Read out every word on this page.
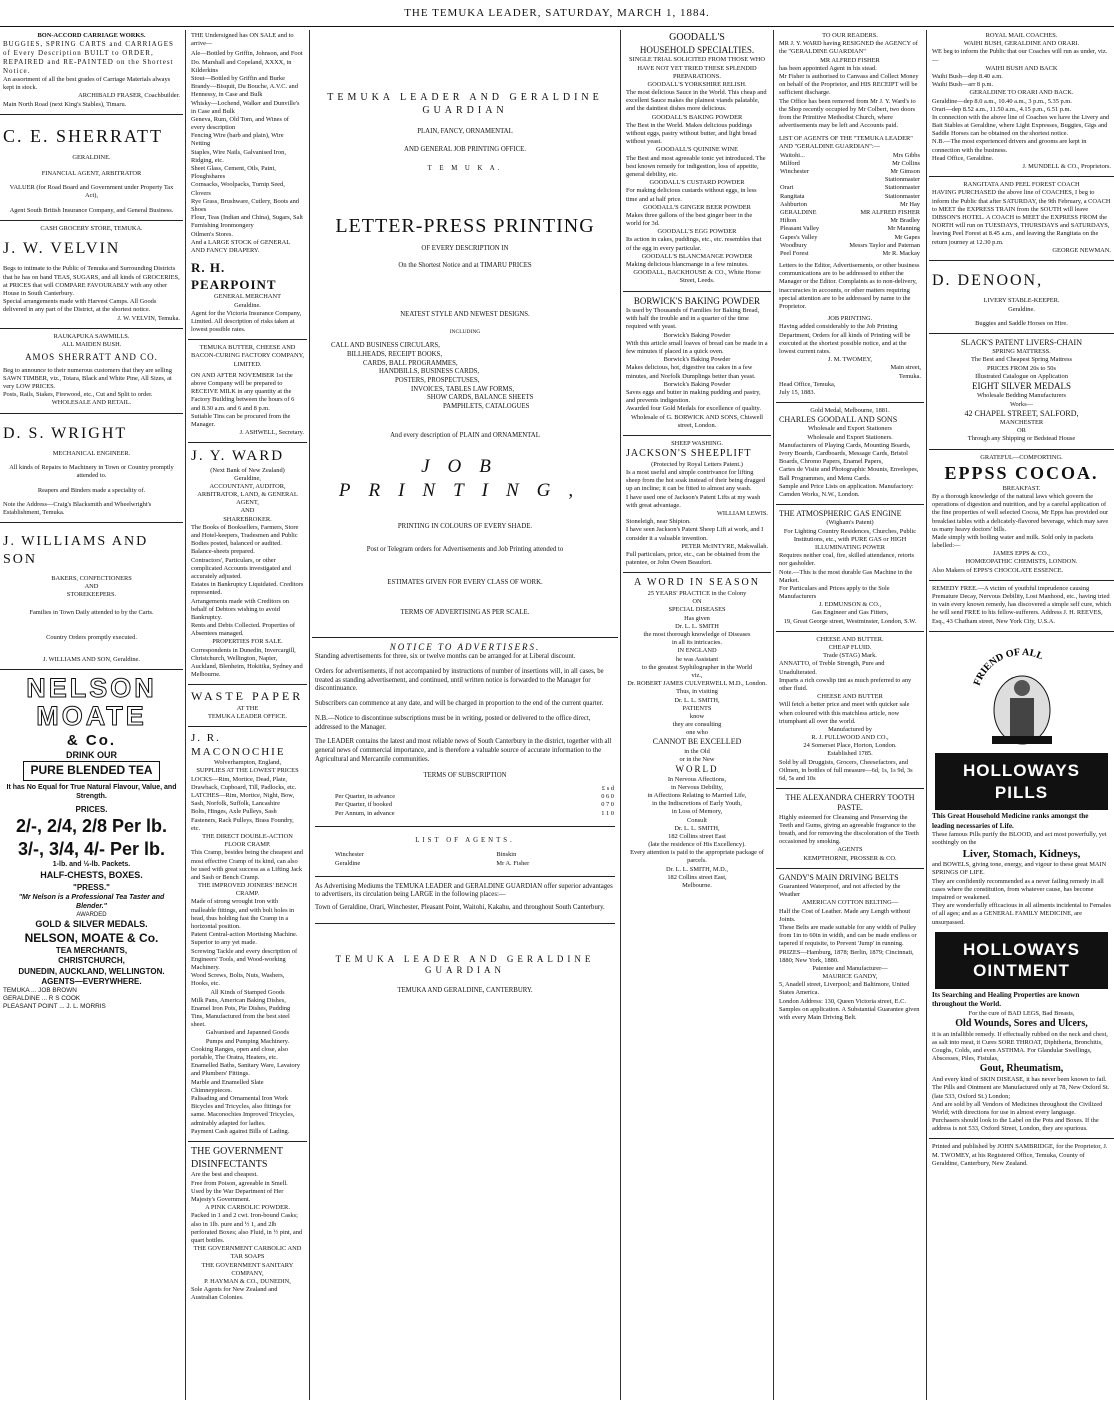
THE TEMUKA LEADER, SATURDAY, MARCH 1, 1884.
BON-ACCORD CARRIAGE WORKS.
BUGGIES, SPRING CARTS and CARRIAGES of Every Description BUILT to ORDER, REPAIRED and RE-PAINTED on the Shortest Notice.
An assortment of all the best grades of Carriage Materials always kept in stock.
ARCHIBALD FRASER, Coachbuilder.
Main North Road (next King's Stables), Timaru.
C. E. SHERRATT
GERALDINE.
FINANCIAL AGENT, ARBITRATOR
VALUER (for Road Board and Government under Property Tax Act),
Agent South British Insurance Company, and General Business.
CASH GROCERY STORE, TEMUKA.
J. W. VELVIN
Begs to intimate to the Public of Temuka and Surrounding Districts that he has on hand TEAS, SUGARS, and all kinds of GROCERIES, at PRICES that will COMPARE FAVOURABLY with any other House in South Canterbury.
Special arrangements made with Harvest Camps. All Goods delivered in any part of the District, at the shortest notice.
J. W. VELVIN, Temuka.
RAUKAPUKA SAWMILLS.
ALL MAIDEN BUSH.
AMOS SHERRATT AND CO.
Beg to announce to their numerous customers that they are selling SAWN TIMBER, viz., Totara, Black and White Pine, All Sizes, at very LOW PRICES.
Posts, Rails, Stakes, Firewood, etc., Cut and Split to order.
WHOLESALE AND RETAIL.
D. S. WRIGHT
MECHANICAL ENGINEER.
All kinds of Repairs to Machinery in Town or Country promptly attended to.
Reapers and Binders made a speciality of.
Note the Address—Craig's Blacksmith and Wheelwright's Establishment, Temuka.
J. WILLIAMS AND SON
BAKERS, CONFECTIONERS
AND
STOREKEEPERS.
Families in Town Daily attended to by the Carts.
Country Orders promptly executed.
J. WILLIAMS AND SON, Geraldine.
NELSON
MOATE
& Co.
DRINK OUR
PURE BLENDED TEA
It has No Equal for True Natural Flavour, Value, and Strength.
PRICES.
2/-, 2/4, 2/8 Per lb.
3/-, 3/4, 4/- Per lb.
1-lb. and ½-lb. Packets.
HALF-CHESTS, BOXES.
"PRESS."
"Mr Nelson is a Professional Tea Taster and Blender."
AWARDED
GOLD & SILVER MEDALS.
NELSON, MOATE & Co.
TEA MERCHANTS,
CHRISTCHURCH,
DUNEDIN, AUCKLAND, WELLINGTON.
AGENTS—EVERYWHERE.
TEMUKA ... JOB BROWN
GERALDINE ... R S COOK
PLEASANT POINT ... J. L. MORRIS
THE Undersigned has ON SALE and to arrive—
Ale—Bottled by Griffin, Johnson, and Foot
Do. Marshall and Copeland, XXXX, in Kilderkins
Stout—Bottled by Griffin and Burke
Brandy—Bisquit, Du Bouche, A.V.C. and Hennessy, in Case and Bulk
Whisky—Lochend, Walker and Dunville's in Case and Bulk
Geneva, Rum, Old Tom, and Wines of every description
Fencing Wire (barb and plain), Wire Netting
Staples, Wire Nails, Galvanised Iron, Ridging, etc.
Sheet Glass, Cement, Oils, Paint, Ploughshares
Cornsacks, Woolpacks, Turnip Seed, Clovers
Rye Grass, Brushware, Cutlery, Boots and Shoes
Flour, Teas (Indian and China), Sugars, Salt
Furnishing Ironmongery
Oilmen's Stores.
And a LARGE STOCK of GENERAL AND FANCY DRAPERY.
R. H. PEARPOINT
GENERAL MERCHANT
Geraldine.
Agent for the Victoria Insurance Company, Limited. All description of risks taken at lowest possible rates.
TEMUKA BUTTER, CHEESE AND BACON-CURING FACTORY COMPANY, LIMITED.
ON AND AFTER NOVEMBER 1st the above Company will be prepared to RECEIVE MILK in any quantity at the Factory Building between the hours of 6 and 8.30 a.m. and 6 and 8 p.m.
Suitable Tins can be procured from the Manager.
J. ASHWELL, Secretary.
J. Y. WARD
(Next Bank of New Zealand)
Geraldine,
ACCOUNTANT, AUDITOR, ARBITRATOR, LAND, & GENERAL AGENT,
AND
SHAREBROKER.
The Books of Booksellers, Farmers, Store and Hotel-keepers, Tradesmen and Public Bodies posted, balanced or audited. Balance-sheets prepared.
Contractors', Particulars, or other complicated Accounts investigated and accurately adjusted.
Estates in Bankruptcy Liquidated. Creditors represented.
Arrangements made with Creditors on behalf of Debtors wishing to avoid Bankruptcy.
Rents and Debts Collected. Properties of Absentees managed.
PROPERTIES FOR SALE.
Correspondents in Dunedin, Invercargill, Christchurch, Wellington, Napier, Auckland, Blenheim, Hokitika, Sydney and Melbourne.
WASTE PAPER
AT THE
TEMUKA LEADER OFFICE.
J. R. MACONOCHIE
Wolverhampton, England,
SUPPLIES AT THE LOWEST PRICES
LOCKS—Rim, Mortice, Dead, Plate, Drawback, Cupboard, Till, Padlocks, etc.
LATCHES—Rim, Mortice, Night, Bow, Sash, Norfolk, Suffolk, Lancashire
Bolts, Hinges, Axle Pulleys, Sash Fasteners, Rack Pulleys, Brass Foundry, etc.
THE DIRECT DOUBLE-ACTION FLOOR CRAMP.
This Cramp, besides being the cheapest and most effective Cramp of its kind, can also be used with great success as a Lifting Jack and Sash or Bench Cramp.
THE IMPROVED JOINERS' BENCH CRAMP.
Made of strong wrought Iron with malleable fittings, and with bolt holes in head, thus holding fast the Cramp in a horizontal position.
Patent Central-action Mortising Machine. Superior to any yet made.
Screwing Tackle and every description of Engineers' Tools, and Wood-working Machinery.
Wood Screws, Bolts, Nuts, Washers, Hooks, etc.
All Kinds of Stamped Goods
Milk Pans, American Baking Dishes, Enamel Iron Pots, Pie Dishes, Pudding Tins, Manufactured from the best steel sheet.
Galvanised and Japanned Goods
Pumps and Pumping Machinery.
Cooking Ranges, open and close, also portable, The Oratra, Heaters, etc.
Enamelled Baths, Sanitary Ware, Lavatory and Plumbers' Fittings.
Marble and Enamelled Slate Chimneypieces.
Palisading and Ornamental Iron Work
Bicycles and Tricycles, also fittings for same. Maconochies Improved Tricycles, admirably adapted for ladies.
Payment Cash against Bills of Lading.
THE GOVERNMENT DISINFECTANTS
Are the best and cheapest.
Free from Poison, agreeable in Smell.
Used by the War Department of Her Majesty's Government.
A PINK CARBOLIC POWDER.
Packed in 1 and 2 cwt. Iron-bound Casks; also in 1lb. pure and ½ 1, and 2lb perforated Boxes; also Fluid, in ½ pint, and quart bottles.
THE GOVERNMENT CARBOLIC AND TAR SOAPS
THE GOVERNMENT SANITARY COMPANY,
P. HAYMAN & CO., DUNEDIN,
Sole Agents for New Zealand and Australian Colonies.
TEMUKA LEADER AND GERALDINE GUARDIAN
PLAIN, FANCY, ORNAMENTAL
AND GENERAL JOB PRINTING OFFICE.
T E M U K A.
LETTER-PRESS PRINTING
OF EVERY DESCRIPTION IN
On the Shortest Notice and at TIMARU PRICES
NEATEST STYLE AND NEWEST DESIGNS.
INCLUDING
CALL AND BUSINESS CIRCULARS,
BILLHEADS, RECEIPT BOOKS,
CARDS, BALL PROGRAMMES,
HANDBILLS, BUSINESS CARDS,
POSTERS, PROSPECTUSES,
INVOICES, TABLES LAW FORMS,
SHOW CARDS, BALANCE SHEETS
PAMPHLETS, CATALOGUES
And every description of PLAIN and ORNAMENTAL
JOB PRINTING,
PRINTING IN COLOURS OF EVERY SHADE.
Post or Telegram orders for Advertisements and Job Printing attended to
ESTIMATES GIVEN FOR EVERY CLASS OF WORK.
TERMS OF ADVERTISING AS PER SCALE.
NOTICE TO ADVERTISERS.
Standing advertisements for three, six or twelve months can be arranged for at Liberal discount.
Orders for advertisements, if not accompanied by instructions of number of insertions will, in all cases, be treated as standing advertisement, and continued, until written notice is forwarded to the Manager for discontinuance.
Subscribers can commence at any date, and will be charged in proportion to the end of the current quarter.
N.B.—Notice to discontinue subscriptions must be in writing, posted or delivered to the office direct, addressed to the Manager.
The LEADER contains the latest and most reliable news of South Canterbury in the district, together with all general news of commercial importance, and is therefore a valuable source of accurate information to the Agricultural and Mercantile communities.
TERMS OF SUBSCRIPTION
	£ s d
Per Quarter, in advance	0 6 0
Per Quarter, if booked	0 7 0
Per Annum, in advance	1 1 0
LIST OF AGENTS.
Winchester	Binskin
Geraldine	Mr A. Fisher
As Advertising Mediums the TEMUKA LEADER and GERALDINE GUARDIAN offer superior advantages to advertisers, its circulation being LARGE in the following places:—
Town of Geraldine, Orari, Winchester, Pleasant Point, Waitohi, Kakahu, and throughout South Canterbury.
TEMUKA LEADER AND GERALDINE GUARDIAN
TEMUKA AND GERALDINE, CANTERBURY.
GOODALL'S
HOUSEHOLD SPECIALTIES.
SINGLE TRIAL SOLICITED FROM THOSE WHO HAVE NOT YET TRIED THESE SPLENDID PREPARATIONS.
GOODALL'S YORKSHIRE RELISH.
The most delicious Sauce in the World. This cheap and excellent Sauce makes the plainest viands palatable, and the daintiest dishes more delicious.
GOODALL'S BAKING POWDER
The Best in the World. Makes delicious puddings without eggs, pastry without butter, and light bread without yeast.
GOODALL'S QUININE WINE
The Best and most agreeable tonic yet introduced. The best known remedy for indigestion, loss of appetite, general debility, etc.
GOODALL'S CUSTARD POWDER
For making delicious custards without eggs, in less time and at half price.
GOODALL'S GINGER BEER POWDER
Makes three gallons of the best ginger beer in the world for 3d.
GOODALL'S EGG POWDER
Its action in cakes, puddings, etc., etc. resembles that of the egg in every particular.
GOODALL'S BLANCMANGE POWDER
Making delicious blancmange in a few minutes.
GOODALL, BACKHOUSE & CO., White Horse Street, Leeds.
BORWICK'S BAKING POWDER
Is used by Thousands of Families for Baking Bread, with half the trouble and in a quarter of the time required with yeast.
Borwick's Baking Powder
With this article small loaves of bread can be made in a few minutes if placed in a quick oven.
Borwick's Baking Powder
Makes delicious, hot, digestive tea cakes in a few minutes, and Norfolk Dumplings better than yeast.
Borwick's Baking Powder
Saves eggs and butter in making pudding and pastry, and prevents indigestion.
Awarded four Gold Medals for excellence of quality.
Wholesale of G. BORWICK AND SONS, Chiswell street, London.
SHEEP WASHING.
JACKSON'S SHEEPLIFT
(Protected by Royal Letters Patent.)
Is a most useful and simple contrivance for lifting sheep from the hot soak instead of their being dragged up an incline; it can be fitted to almost any wash.
I have used one of Jackson's Patent Lifts at my wash with great advantage.
WILLIAM LEWIS.
Stoneleigh, near Shipton.
I have seen Jackson's Patent Sheep Lift at work, and I consider it a valuable invention.
PETER McINTYRE, Makwallah.
Full particulars, price, etc., can be obtained from the patentee, or John Owen Beaufort.
A WORD IN SEASON
25 YEARS' PRACTICE in the Colony
ON
SPECIAL DISEASES
Has given
Dr. L. L. SMITH
the most thorough knowledge of Diseases
in all its intricacies.
IN ENGLAND
he was Assistant
to the greatest Syphilographer in the World
viz.,
Dr. ROBERT JAMES CULVERWELL M.D., London.
Thus, in visiting
Dr. L. L. SMITH,
PATIENTS
know
they are consulting
one who
CANNOT BE EXCELLED
in the Old
or in the New
WORLD
In Nervous Affections,
in Nervous Debility,
in Affections Relating to Married Life,
in the Indiscretions of Early Youth,
in Loss of Memory,
Consult
Dr. L. L. SMITH,
182 Collins street East
(late the residence of His Excellency).
Every attention is paid to the appropriate package of parcels.
Dr. L. L. SMITH, M.D.,
182 Collins street East,
Melbourne.
TO OUR READERS.
MR J. Y. WARD having RESIGNED the AGENCY of the "GERALDINE GUARDIAN"
MR ALFRED FISHER
has been appointed Agent in his stead.
Mr Fisher is authorised to Canvass and Collect Money on behalf of the Proprietor, and HIS RECEIPT will be sufficient discharge.
The Office has been removed from Mr J. Y. Ward's to the Shop recently occupied by Mr Colbert, two doors from the Primitive Methodist Church, where advertisements may be left and Accounts paid.
LIST OF AGENTS OF THE "TEMUKA LEADER" AND "GERALDINE GUARDIAN":—
Waitohi...	Mrs Gibbs
Milford	Mr Collins
Winchester	Mr Gimson
	Stationmaster
Orari	Stationmaster
Rangitata	Stationmaster
Ashburton	Mr Hay
GERALDINE	MR ALFRED FISHER
Hilton	Mr Bradley
Pleasant Valley	Mr Manning
Gapes's Valley	Mr Gapes
Woodbury	Messrs Taylor and Pateman
Peel Forest	Mr R. Mackay
Letters to the Editor, Advertisements, or other business communications are to be addressed to either the Manager or the Editor. Complaints as to non-delivery, inaccuracies in accounts, or other matters requiring special attention are to be addressed by name to the Proprietor.
JOB PRINTING.
Having added considerably to the Job Printing Department, Orders for all kinds of Printing will be executed at the shortest possible notice, and at the lowest current rates.
J. M. TWOMEY,
Main street,
Temuka.
Head Office, Temuka,
July 15, 1883.
Gold Medal, Melbourne, 1881.
CHARLES GOODALL AND SONS
Wholesale and Export Stationers
Wholesale and Export Stationers.
Manufacturers of Playing Cards, Mounting Boards, Ivory Boards, Cardboards, Message Cards, Bristol Boards, Chromo Papers, Enamel Papers,
Cartes de Visite and Photographic Mounts, Envelopes, Ball Programmes, and Menu Cards.
Sample and Price Lists on application. Manufactory: Camden Works, N.W., London.
THE ATMOSPHERIC GAS ENGINE
(Wigham's Patent)
For Lighting Country Residences, Churches, Public Institutions, etc., with PURE GAS or HIGH ILLUMINATING POWER
Requires neither coal, fire, skilled attendance, retorts nor gasholder.
Note.—This is the most durable Gas Machine in the Market.
For Particulars and Prices apply to the Sole Manufacturers
J. EDMUNSON & CO.,
Gas Engineer and Gas Fitters,
19, Great George street, Westminster, London, S.W.
CHEESE AND BUTTER.
CHEAP FLUID.
Trade (STAG) Mark.
ANNATTO, of Treble Strength, Pure and Unadulterated.
Imparts a rich cowslip tint as much preferred to any other fluid.
CHEESE AND BUTTER
Will fetch a better price and meet with quicker sale when coloured with this matchless article, now triumphant all over the world.
Manufactured by
R. J. FULLWOOD AND CO.,
24 Somerset Place, Horton, London.
Established 1785.
Sold by all Druggists, Grocers, Cheesefactors, and Oilmen, in bottles of full measure—6d, 1s, 1s 9d, 3s 6d, 5s and 10s
THE ALEXANDRA CHERRY TOOTH PASTE.
Highly esteemed for Cleansing and Preserving the Teeth and Gums, giving an agreeable fragrance to the breath, and for removing the discoloration of the Teeth occasioned by smoking.
AGENTS
KEMPTHORNE, PROSSER & CO.
GANDY'S MAIN DRIVING BELTS
Guaranteed Waterproof, and not affected by the Weather
AMERICAN COTTON BELTING—
Half the Cost of Leather. Made any Length without Joints.
These Belts are made suitable for any width of Pulley from 1in to 60in in width, and can be made endless or tapered if requisite, to Prevent 'Jump' in running.
PRIZES—Hamburg, 1878; Berlin, 1879; Cincinnati, 1880; New York, 1880.
Patentee and Manufacturer—
MAURICE GANDY,
5, Anadell street, Liverpool; and Baltimore, United States America.
London Address: 130, Queen Victoria street, E.C.
Samples on application. A Substantial Guarantee given with every Main Driving Belt.
ROYAL MAIL COACHES.
WAIHI BUSH, GERALDINE AND ORARI.
WE beg to inform the Public that our Coaches will run as under, viz.—
WAIHI BUSH AND BACK
Waihi Bush—dep 8.40 a.m.
Waihi Bush—arr 8 p.m.
GERALDINE TO ORARI AND BACK.
Geraldine—dep 8.0 a.m., 10.40 a.m., 3 p.m., 5.35 p.m.
Orari—dep 8.52 a.m., 11.50 a.m., 4.15 p.m., 6.51 p.m.
In connection with the above line of Coaches we have the Livery and Bait Stables at Geraldine, where Light Expresses, Buggies, Gigs and Saddle Horses can be obtained on the shortest notice.
N.B.—The most experienced drivers and grooms are kept in connection with the business.
Head Office, Geraldine.
J. MUNDELL & CO., Proprietors.
RANGITATA AND PEEL FOREST COACH
HAVING PURCHASED the above line of COACHES, I beg to inform the Public that after SATURDAY, the 9th February, a COACH to MEET the EXPRESS TRAIN from the SOUTH will leave DIBSON'S HOTEL. A COACH to MEET the EXPRESS FROM the NORTH will run on TUESDAYS, THURSDAYS and SATURDAYS, leaving Peel Forest at 8.45 a.m., and leaving the Rangitata on the return journey at 12.30 p.m.
GEORGE NEWMAN.
D. DENOON,
LIVERY STABLE-KEEPER.
Geraldine.
Buggies and Saddle Horses on Hire.
SLACK'S PATENT LIVERS-CHAIN
SPRING MATTRESS.
The Best and Cheapest Spring Mattress
PRICES FROM 20s to 50s
Illustrated Catalogue on Application
EIGHT SILVER MEDALS
Wholesale Bedding Manufacturers
Works—
42 CHAPEL STREET, SALFORD,
MANCHESTER
OR
Through any Shipping or Bedstead House
GRATEFUL—COMFORTING.
EPPSS COCOA.
BREAKFAST.
By a thorough knowledge of the natural laws which govern the operations of digestion and nutrition, and by a careful application of the fine properties of well selected Cocoa, Mr Epps has provided our breakfast tables with a delicately-flavored beverage, which may save us many heavy doctors' bills.
Made simply with boiling water and milk. Sold only in packets labelled:—
JAMES EPPS & CO.,
HOMŒOPATHIC CHEMISTS, LONDON.
Also Makers of EPPS'S CHOCOLATE ESSENCE.
REMEDY FREE.—A victim of youthful imprudence causing Premature Decay, Nervous Debility, Lost Manhood, etc., having tried in vain every known remedy, has discovered a simple self cure, which he will send FREE to his fellow-sufferers. Address J. H. REEVES, Esq., 43 Chatham street, New York City, U.S.A.
FRIEND OF ALL
HOLLOWAYS PILLS
This Great Household Medicine ranks amongst the leading necessaries of Life.
These famous Pills purify the BLOOD, and act most powerfully, yet soothingly on the
Liver, Stomach, Kidneys,
and BOWELS, giving tone, energy, and vigour to these great MAIN SPRINGS OF LIFE.
They are confidently recommended as a never failing remedy in all cases where the constitution, from whatever cause, has become impaired or weakened.
They are wonderfully efficacious in all ailments incidental to Females of all ages; and as a GENERAL FAMILY MEDICINE, are unsurpassed.
HOLLOWAYS OINTMENT
Its Searching and Healing Properties are known throughout the World.
For the cure of BAD LEGS, Bad Breasts,
Old Wounds, Sores and Ulcers,
it is an infallible remedy. If effectually rubbed on the neck and chest, as salt into meat, it Cures SORE THROAT, Diphtheria, Bronchitis, Coughs, Colds, and even ASTHMA. For Glandular Swellings, Abscesses, Piles, Fistulas,
Gout, Rheumatism,
And every kind of SKIN DISEASE, it has never been known to fail.
The Pills and Ointment are Manufactured only at 78, New Oxford St. (late 533, Oxford St.) London;
And are sold by all Vendors of Medicines throughout the Civilized World; with directions for use in almost every language.
Purchasers should look to the Label on the Pots and Boxes. If the address is not 533, Oxford Street, London, they are spurious.
Printed and published by JOHN SAMBRIDGE, for the Proprietor, J. M. TWOMEY, at his Registered Office, Temuka, County of Geraldine, Canterbury, New Zealand.
